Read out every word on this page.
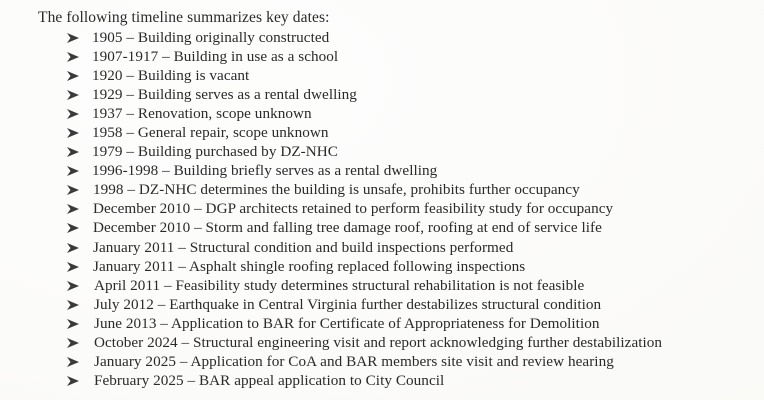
The following timeline summarizes key dates:
1905 – Building originally constructed
1907-1917 – Building in use as a school
1920 – Building is vacant
1929 – Building serves as a rental dwelling
1937 – Renovation, scope unknown
1958 – General repair, scope unknown
1979 – Building purchased by DZ-NHC
1996-1998 – Building briefly serves as a rental dwelling
1998 – DZ-NHC determines the building is unsafe, prohibits further occupancy
December 2010 – DGP architects retained to perform feasibility study for occupancy
December 2010 – Storm and falling tree damage roof, roofing at end of service life
January 2011 – Structural condition and build inspections performed
January 2011 – Asphalt shingle roofing replaced following inspections
April 2011 – Feasibility study determines structural rehabilitation is not feasible
July 2012 – Earthquake in Central Virginia further destabilizes structural condition
June 2013 – Application to BAR for Certificate of Appropriateness for Demolition
October 2024 – Structural engineering visit and report acknowledging further destabilization
January 2025 – Application for CoA and BAR members site visit and review hearing
February 2025 – BAR appeal application to City Council
